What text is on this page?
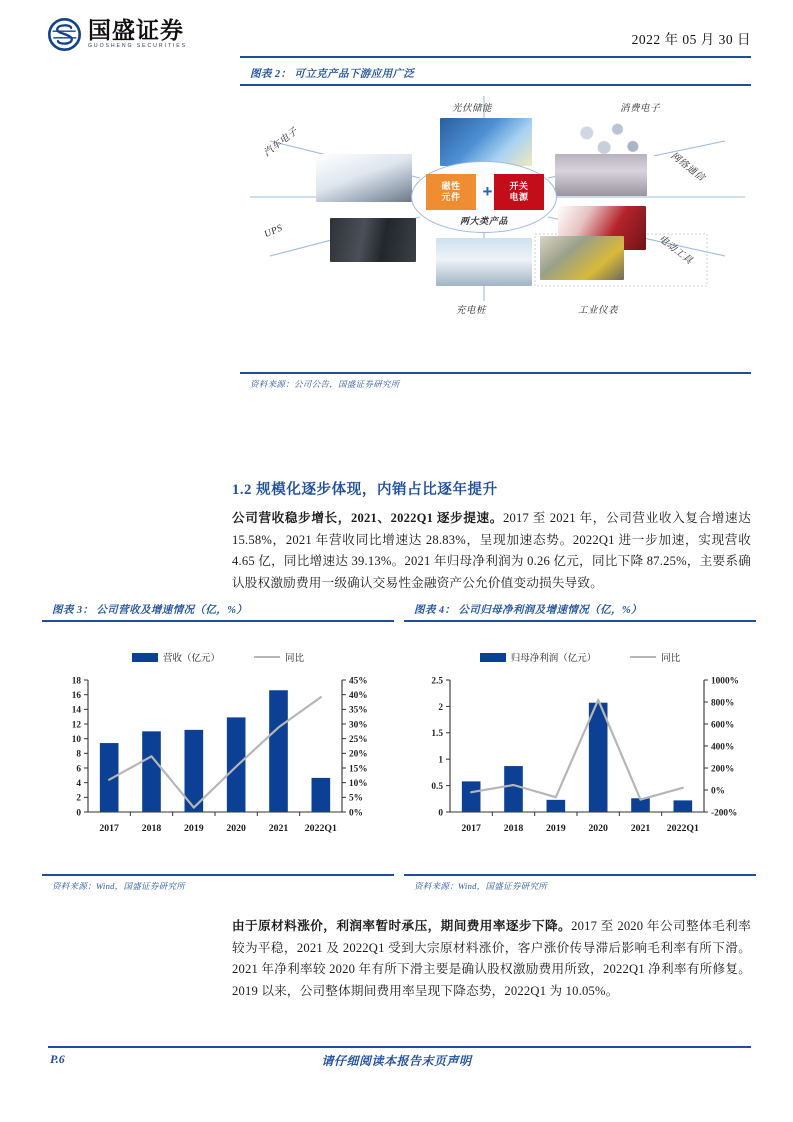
国盛证券
GUOSHENG SECURITIES	2022 年 05 月 30 日
图表 2： 可立克产品下游应用广泛
磁性
元件 + 开关
电源
两大类产品
光伏储能	消费电子
汽车电子
网络通信
UPS
电动工具
充电桩	工业仪表
资料来源：公司公告，国盛证券研究所
1.2 规模化逐步体现，内销占比逐年提升
公司营收稳步增长，2021、2022Q1 逐步提速。2017 至 2021 年，公司营业收入复合增速达 15.58%，2021 年营收同比增速达 28.83%，呈现加速态势。2022Q1 进一步加速，实现营收 4.65 亿，同比增速达 39.13%。2021 年归母净利润为 0.26 亿元，同比下降 87.25%，主要系确认股权激励费用一级确认交易性金融资产公允价值变动损失导致。
图表 3： 公司营收及增速情况（亿，%）
营收（亿元）	同比
0
2
4
6
8
10
12
14
16
18
0%
5%
10%
15%
20%
25%
30%
35%
40%
45%
2017 2018 2019 2020 2021 2022Q1
资料来源：Wind，国盛证券研究所
图表 4： 公司归母净利润及增速情况（亿，%）
归母净利润（亿元）	同比
0
0.5
1
1.5
2
2.5
-200%
0%
200%
400%
600%
800%
1000%
2017 2018 2019 2020 2021 2022Q1
资料来源：Wind，国盛证券研究所
由于原材料涨价，利润率暂时承压，期间费用率逐步下降。2017 至 2020 年公司整体毛利率较为平稳，2021 及 2022Q1 受到大宗原材料涨价，客户涨价传导滞后影响毛利率有所下滑。2021 年净利率较 2020 年有所下滑主要是确认股权激励费用所致，2022Q1 净利率有所修复。2019 以来，公司整体期间费用率呈现下降态势，2022Q1 为 10.05%。
P.6	请仔细阅读本报告末页声明
